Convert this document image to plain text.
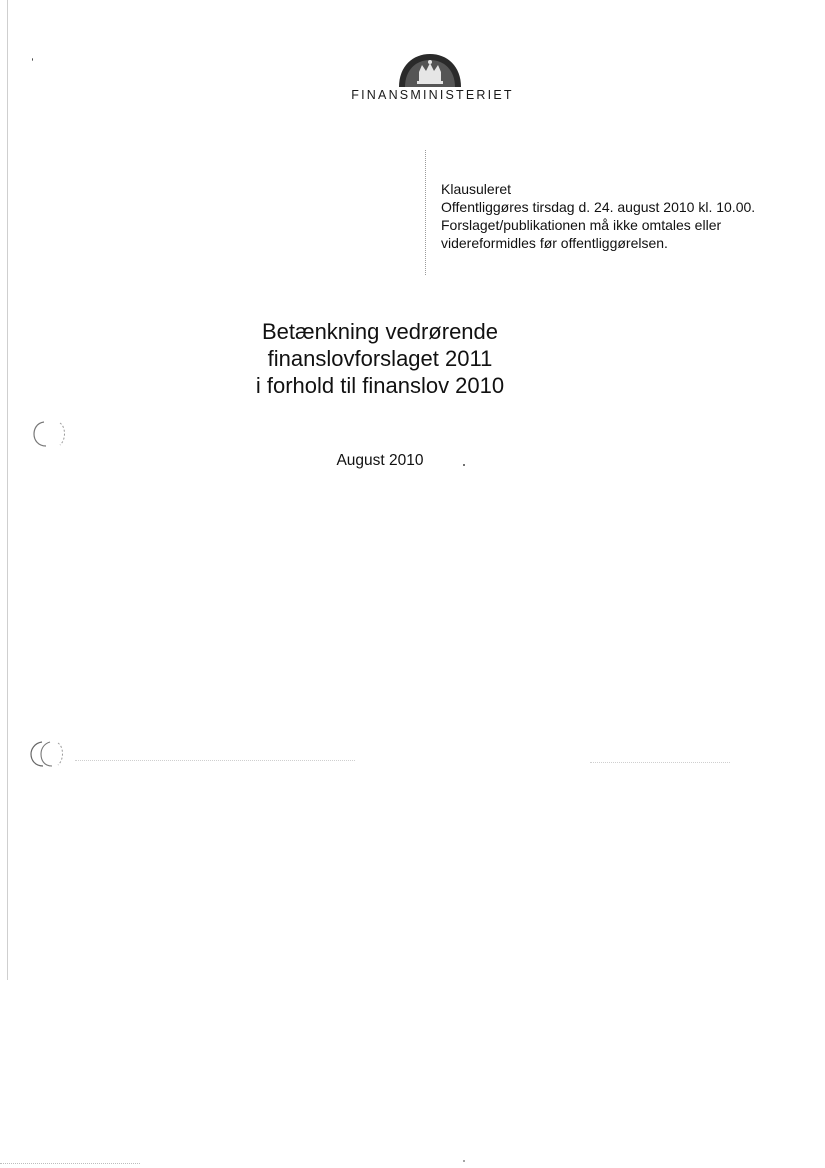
FINANSMINISTERIET
Klausuleret
Offentliggøres tirsdag d. 24. august 2010 kl. 10.00.
Forslaget/publikationen må ikke omtales eller
videreformidles før offentliggørelsen.
Betænkning vedrørende
finanslovforslaget 2011
i forhold til finanslov 2010
August 2010
